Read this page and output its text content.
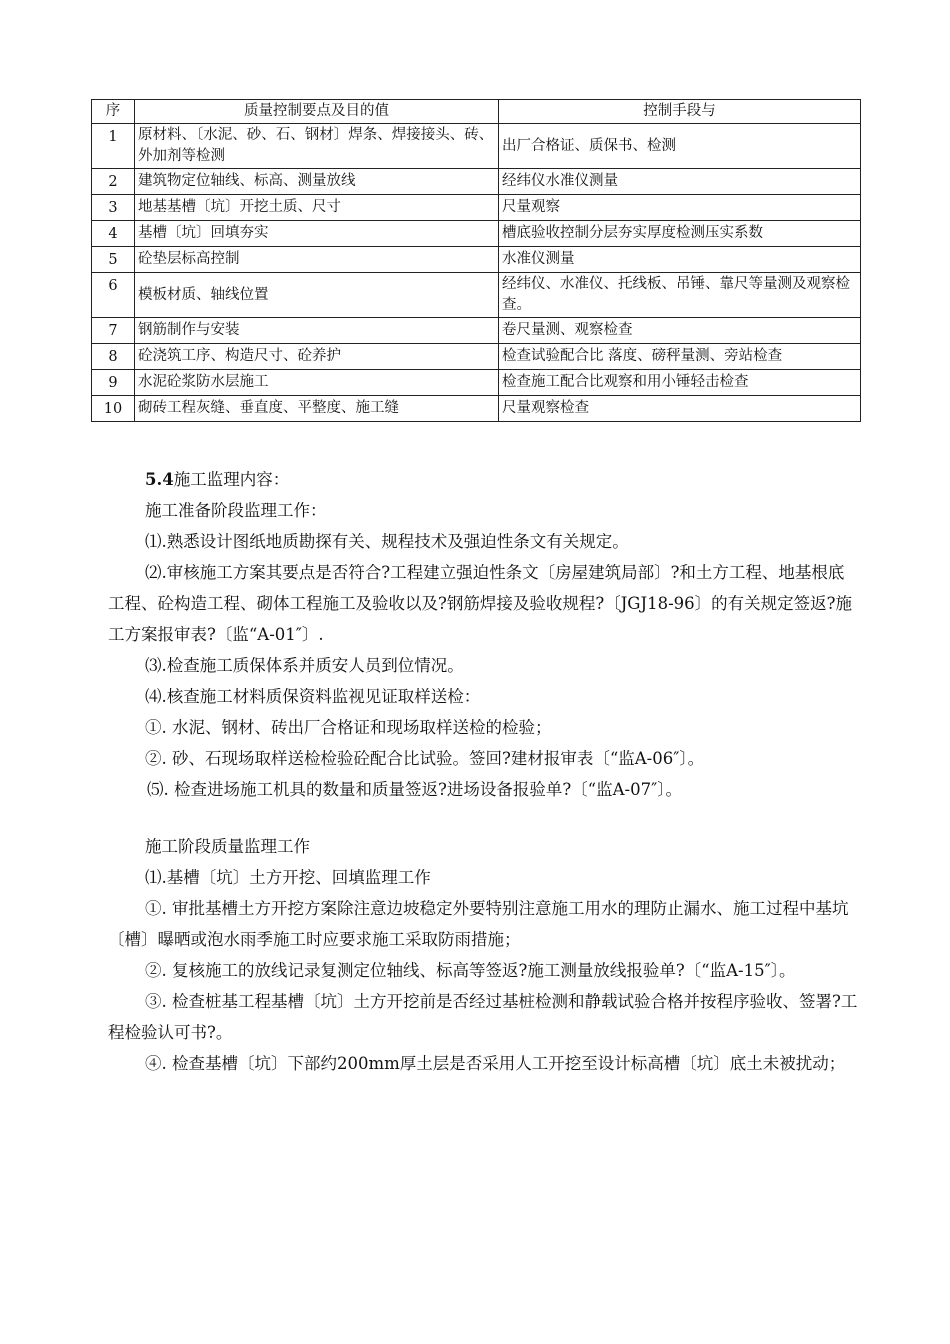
序	质量控制要点及目的值	控制手段与
1	原材料、〔水泥、砂、石、钢材〕焊条、焊接接头、砖、外加剂等检测	出厂合格证、质保书、检测
2	建筑物定位轴线、标高、测量放线	经纬仪水准仪测量
3	地基基槽〔坑〕开挖土质、尺寸	尺量观察
4	基槽〔坑〕回填夯实	槽底验收控制分层夯实厚度检测压实系数
5	砼垫层标高控制	水准仪测量
6	模板材质、轴线位置	经纬仪、水准仪、托线板、吊锤、靠尺等量测及观察检查。
7	钢筋制作与安装	卷尺量测、观察检查
8	砼浇筑工序、构造尺寸、砼养护	检查试验配合比 落度、磅秤量测、旁站检查
9	水泥砼浆防水层施工	检查施工配合比观察和用小锤轻击检查
10	砌砖工程灰缝、垂直度、平整度、施工缝	尺量观察检查

5.4施工监理内容：

施工准备阶段监理工作：

⑴.熟悉设计图纸地质勘探有关、规程技术及强迫性条文有关规定。

⑵.审核施工方案其要点是否符合?工程建立强迫性条文〔房屋建筑局部〕?和土方工程、地基根底工程、砼构造工程、砌体工程施工及验收以及?钢筋焊接及验收规程?〔JGJ18-96〕的有关规定签返?施工方案报审表?〔监“A-01″〕.

⑶.检查施工质保体系并质安人员到位情况。

⑷.核查施工材料质保资料监视见证取样送检：

①. 水泥、钢材、砖出厂合格证和现场取样送检的检验；

②. 砂、石现场取样送检检验砼配合比试验。签回?建材报审表〔“监A-06″〕。

⑸. 检查进场施工机具的数量和质量签返?进场设备报验单?〔“监A-07″〕。

施工阶段质量监理工作

⑴.基槽〔坑〕土方开挖、回填监理工作

①. 审批基槽土方开挖方案除注意边坡稳定外要特别注意施工用水的理防止漏水、施工过程中基坑〔槽〕曝晒或泡水雨季施工时应要求施工采取防雨措施；

②. 复核施工的放线记录复测定位轴线、标高等签返?施工测量放线报验单?〔“监A-15″〕。

③. 检查桩基工程基槽〔坑〕土方开挖前是否经过基桩检测和静载试验合格并按程序验收、签署?工程检验认可书?。

④. 检查基槽〔坑〕下部约200mm厚土层是否采用人工开挖至设计标高槽〔坑〕底土未被扰动；
